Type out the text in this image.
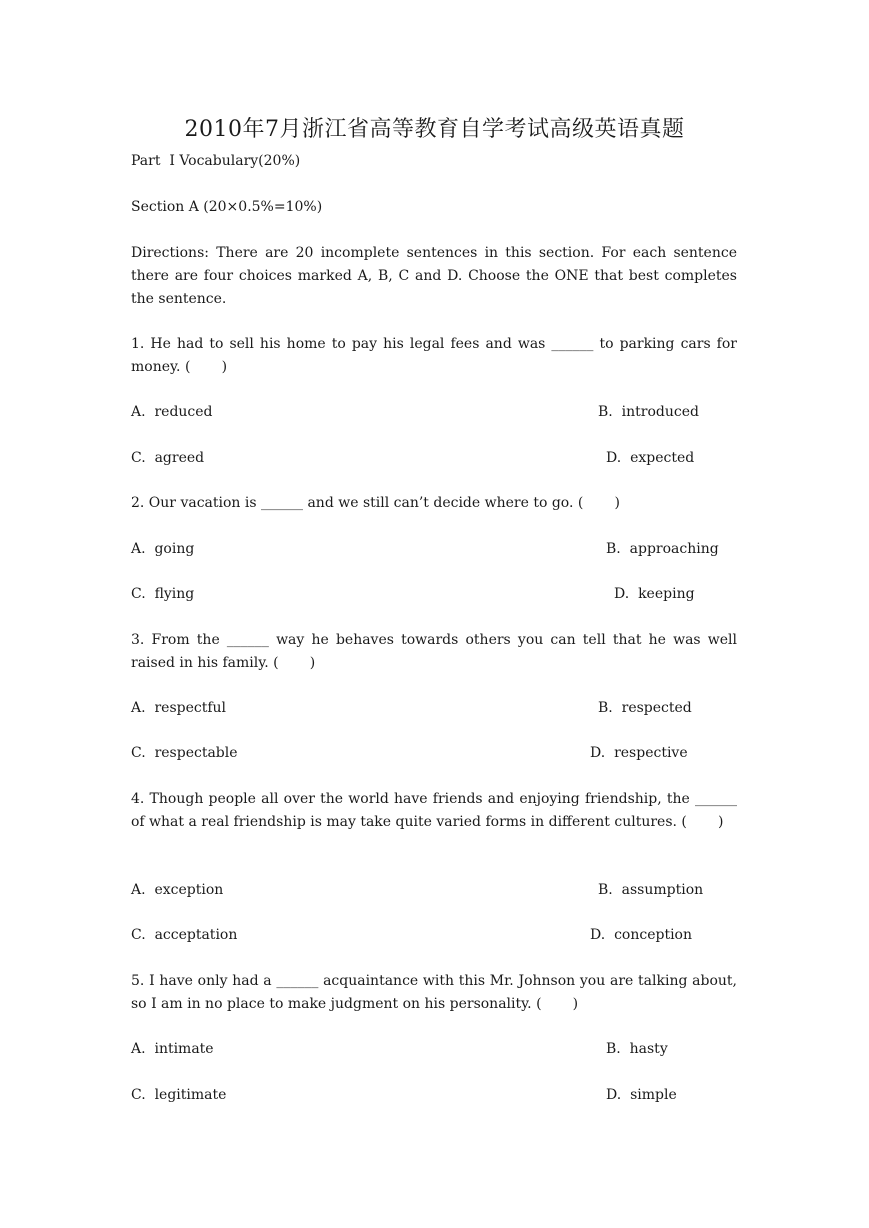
2010年7月浙江省高等教育自学考试高级英语真题
Part  Ⅰ Vocabulary(20%)
Section A (20×0.5%=10%)
Directions: There are 20 incomplete sentences in this section. For each sentence there are four choices marked A, B, C and D. Choose the ONE that best completes the sentence.
1. He had to sell his home to pay his legal fees and was ______ to parking cars for money. (       )
A.  reduced	B.  introduced
C.  agreed	D.  expected
2. Our vacation is ______ and we still can’t decide where to go. (       )
A.  going	B.  approaching
C.  flying	D.  keeping
3. From the ______ way he behaves towards others you can tell that he was well raised in his family. (       )
A.  respectful	B.  respected
C.  respectable	D.  respective
4. Though people all over the world have friends and enjoying friendship, the ______ of what a real friendship is may take quite varied forms in different cultures. (       )
A.  exception	B.  assumption
C.  acceptation	D.  conception
5. I have only had a ______ acquaintance with this Mr. Johnson you are talking about, so I am in no place to make judgment on his personality. (       )
A.  intimate	B.  hasty
C.  legitimate	D.  simple
